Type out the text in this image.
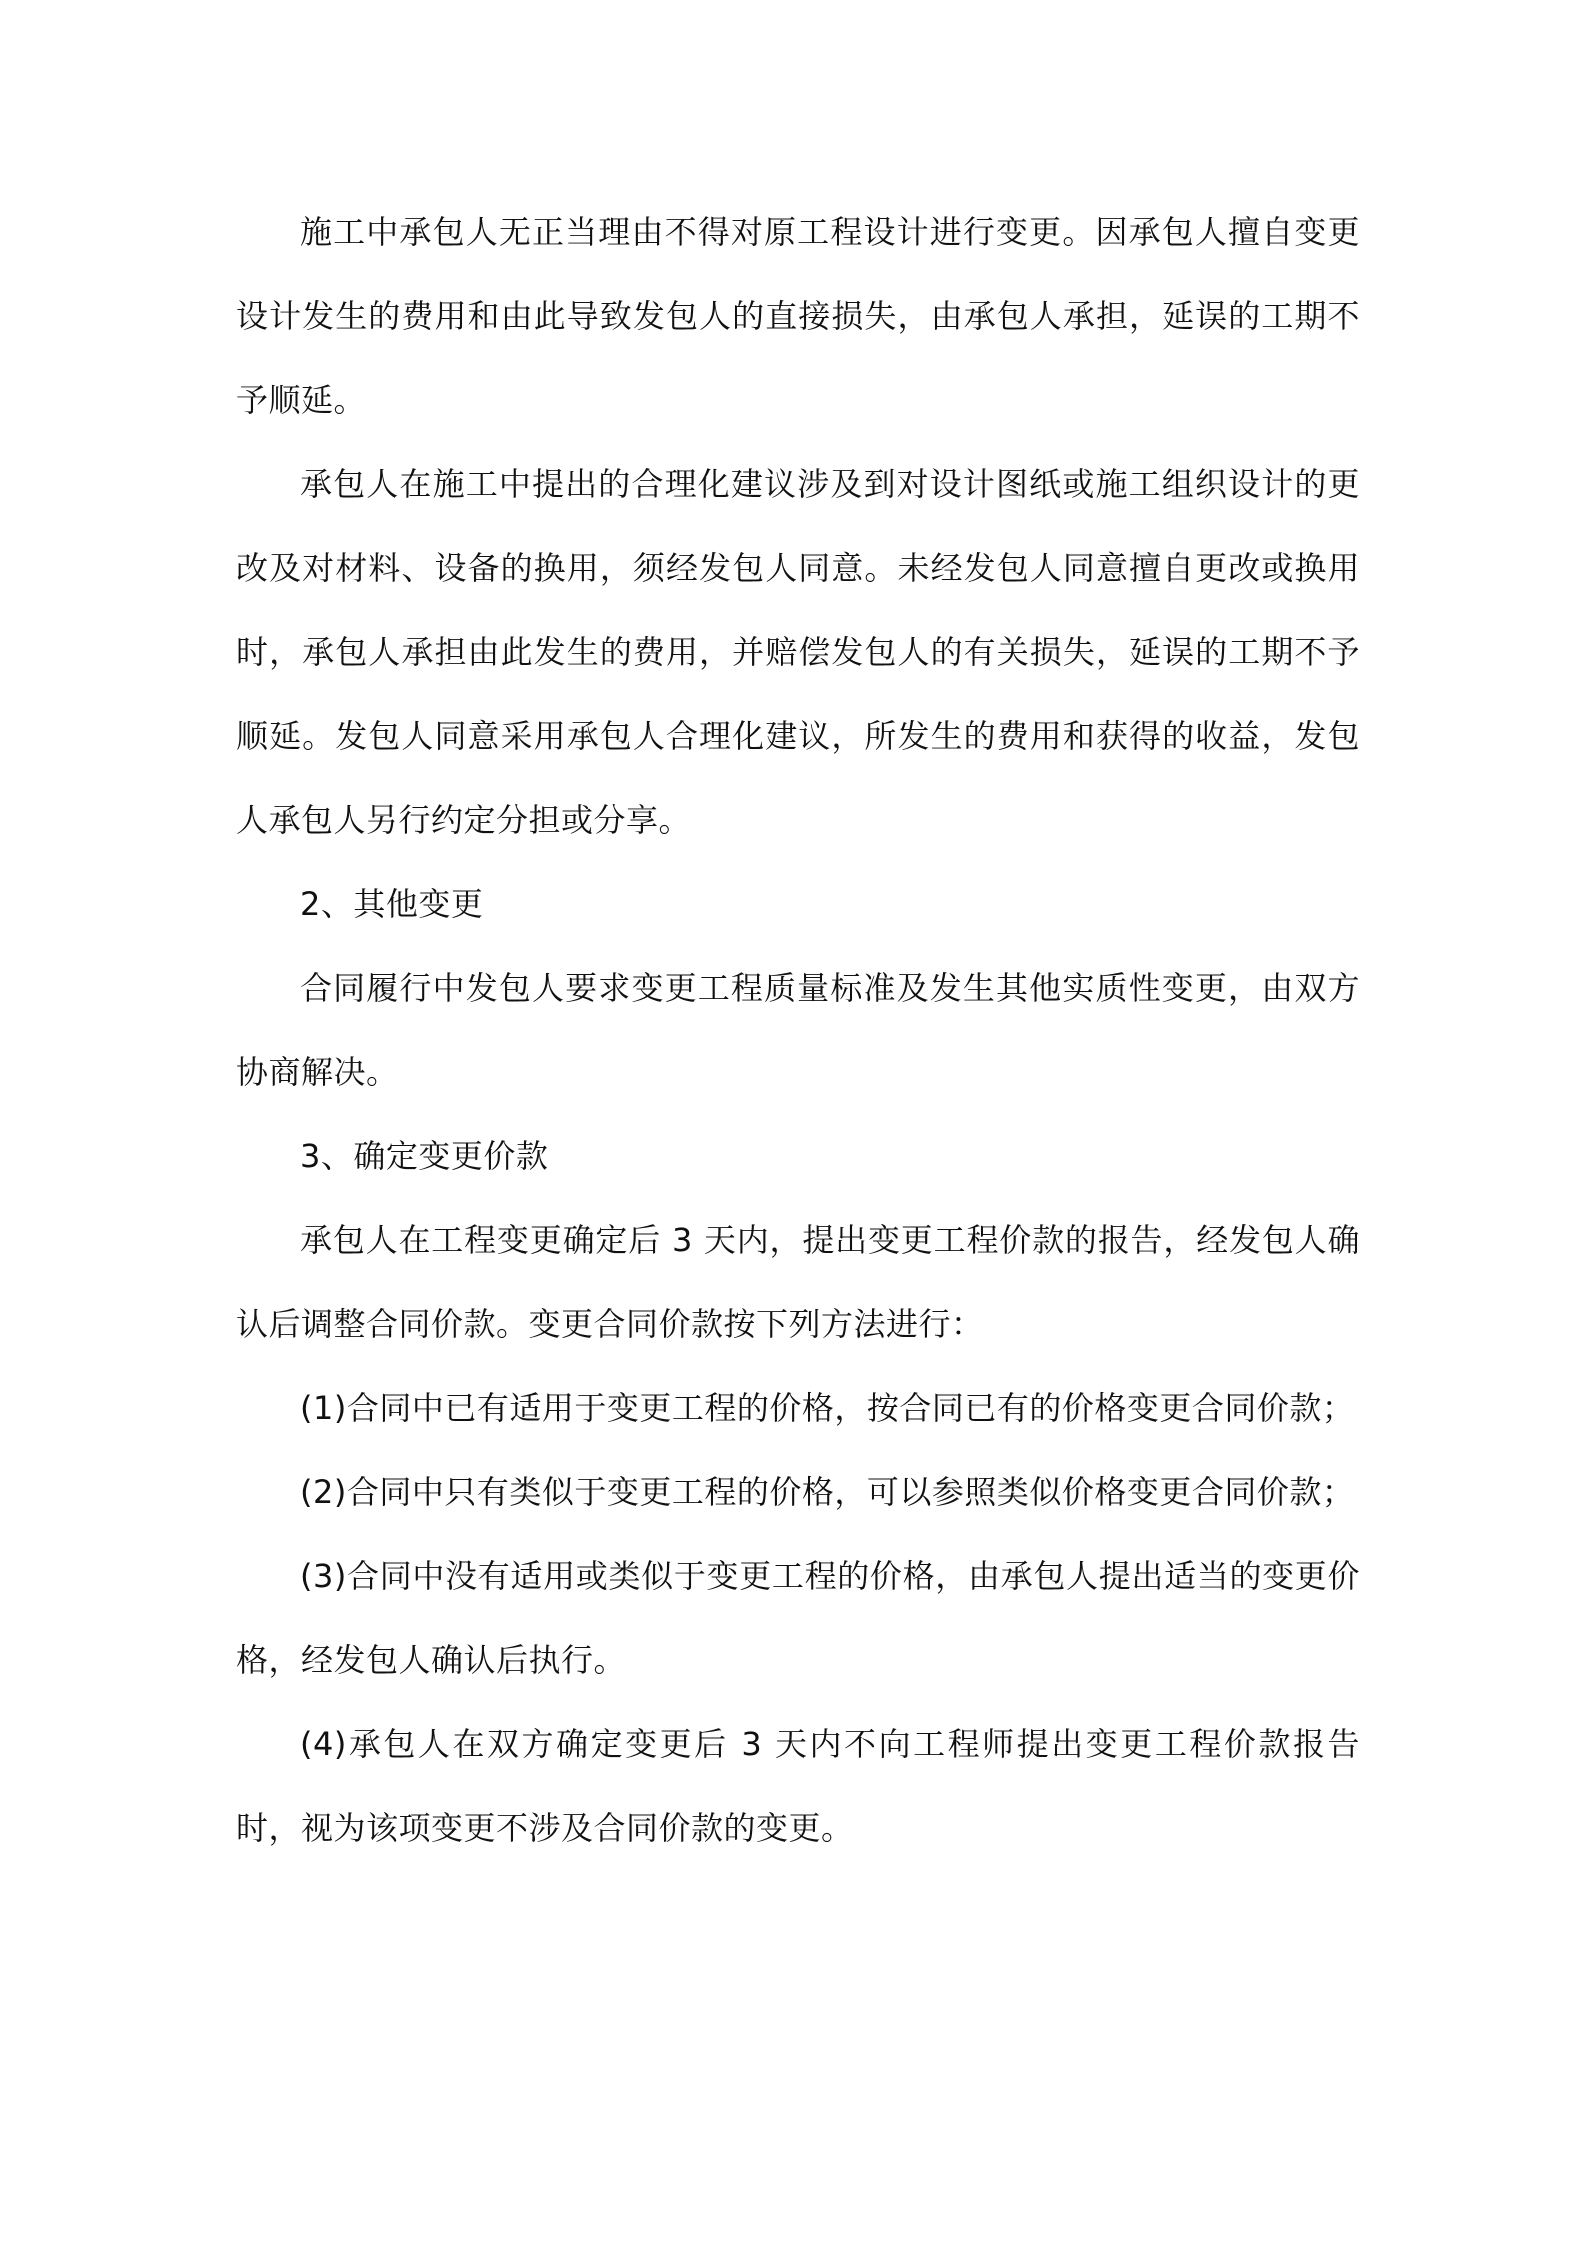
施工中承包人无正当理由不得对原工程设计进行变更。因承包人擅自变更设计发生的费用和由此导致发包人的直接损失，由承包人承担，延误的工期不予顺延。

承包人在施工中提出的合理化建议涉及到对设计图纸或施工组织设计的更改及对材料、设备的换用，须经发包人同意。未经发包人同意擅自更改或换用时，承包人承担由此发生的费用，并赔偿发包人的有关损失，延误的工期不予顺延。发包人同意采用承包人合理化建议，所发生的费用和获得的收益，发包人承包人另行约定分担或分享。

2、其他变更

合同履行中发包人要求变更工程质量标准及发生其他实质性变更，由双方协商解决。

3、确定变更价款

承包人在工程变更确定后 3 天内，提出变更工程价款的报告，经发包人确认后调整合同价款。变更合同价款按下列方法进行：

(1)合同中已有适用于变更工程的价格，按合同已有的价格变更合同价款；

(2)合同中只有类似于变更工程的价格，可以参照类似价格变更合同价款；

(3)合同中没有适用或类似于变更工程的价格，由承包人提出适当的变更价格，经发包人确认后执行。

(4)承包人在双方确定变更后 3 天内不向工程师提出变更工程价款报告时，视为该项变更不涉及合同价款的变更。
